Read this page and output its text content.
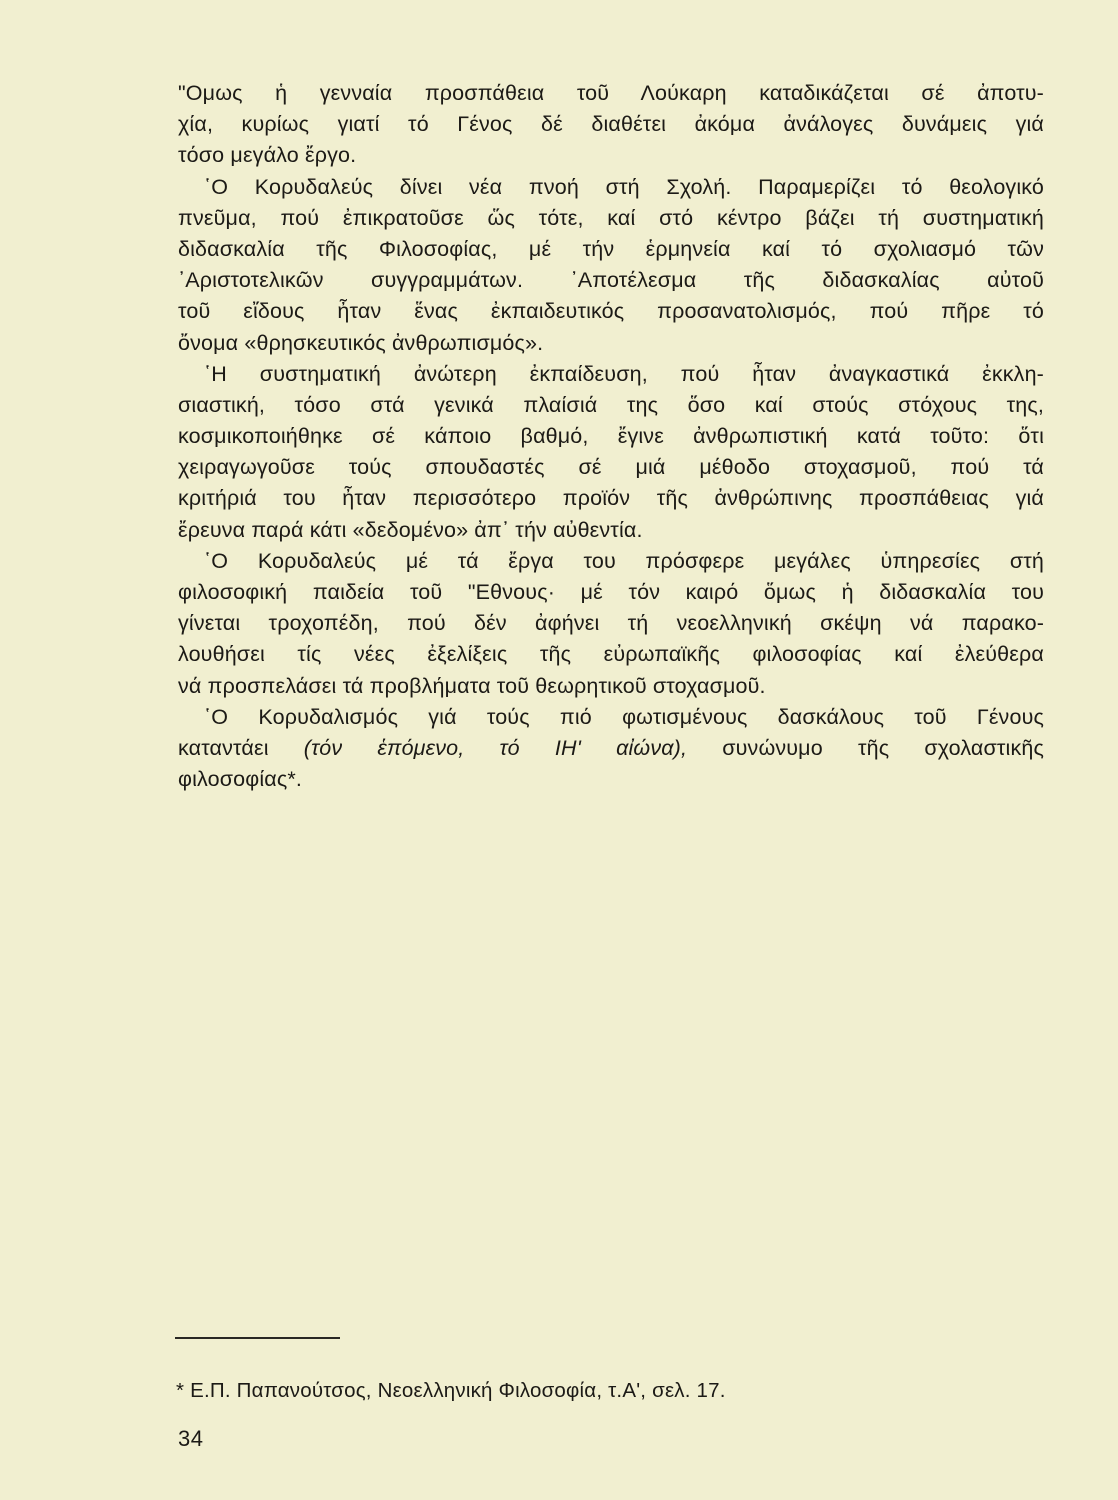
"Ομως ἡ γενναία προσπάθεια τοῦ Λούκαρη καταδικάζεται σέ ἀποτυ-
χία, κυρίως γιατί τό Γένος δέ διαθέτει ἀκόμα ἀνάλογες δυνάμεις γιά
τόσο μεγάλο ἔργο.
῾Ο Κορυδαλεύς δίνει νέα πνοή στή Σχολή. Παραμερίζει τό θεολογικό
πνεῦμα, πού ἐπικρατοῦσε ὥς τότε, καί στό κέντρο βάζει τή συστηματική
διδασκαλία τῆς Φιλοσοφίας, μέ τήν ἑρμηνεία καί τό σχολιασμό τῶν
᾿Αριστοτελικῶν συγγραμμάτων. ᾿Αποτέλεσμα τῆς διδασκαλίας αὐτοῦ
τοῦ εἴδους ἦταν ἕνας ἐκπαιδευτικός προσανατολισμός, πού πῆρε τό
ὄνομα «θρησκευτικός ἀνθρωπισμός».
῾Η συστηματική ἀνώτερη ἐκπαίδευση, πού ἦταν ἀναγκαστικά ἐκκλη-
σιαστική, τόσο στά γενικά πλαίσιά της ὅσο καί στούς στόχους της,
κοσμικοποιήθηκε σέ κάποιο βαθμό, ἔγινε ἀνθρωπιστική κατά τοῦτο: ὅτι
χειραγωγοῦσε τούς σπουδαστές σέ μιά μέθοδο στοχασμοῦ, πού τά
κριτήριά του ἦταν περισσότερο προϊόν τῆς ἀνθρώπινης προσπάθειας γιά
ἔρευνα παρά κάτι «δεδομένο» ἀπ᾿ τήν αὐθεντία.
῾Ο Κορυδαλεύς μέ τά ἔργα του πρόσφερε μεγάλες ὑπηρεσίες στή
φιλοσοφική παιδεία τοῦ "Εθνους· μέ τόν καιρό ὅμως ἡ διδασκαλία του
γίνεται τροχοπέδη, πού δέν ἀφήνει τή νεοελληνική σκέψη νά παρακο-
λουθήσει τίς νέες ἐξελίξεις τῆς εὐρωπαϊκῆς φιλοσοφίας καί ἐλεύθερα
νά προσπελάσει τά προβλήματα τοῦ θεωρητικοῦ στοχασμοῦ.
῾Ο Κορυδαλισμός γιά τούς πιό φωτισμένους δασκάλους τοῦ Γένους
καταντάει (τόν ἑπόμενο, τό ΙΗ' αἰώνα), συνώνυμο τῆς σχολαστικῆς
φιλοσοφίας*.
* Ε.Π. Παπανούτσος, Νεοελληνική Φιλοσοφία, τ.Α', σελ. 17.
34
